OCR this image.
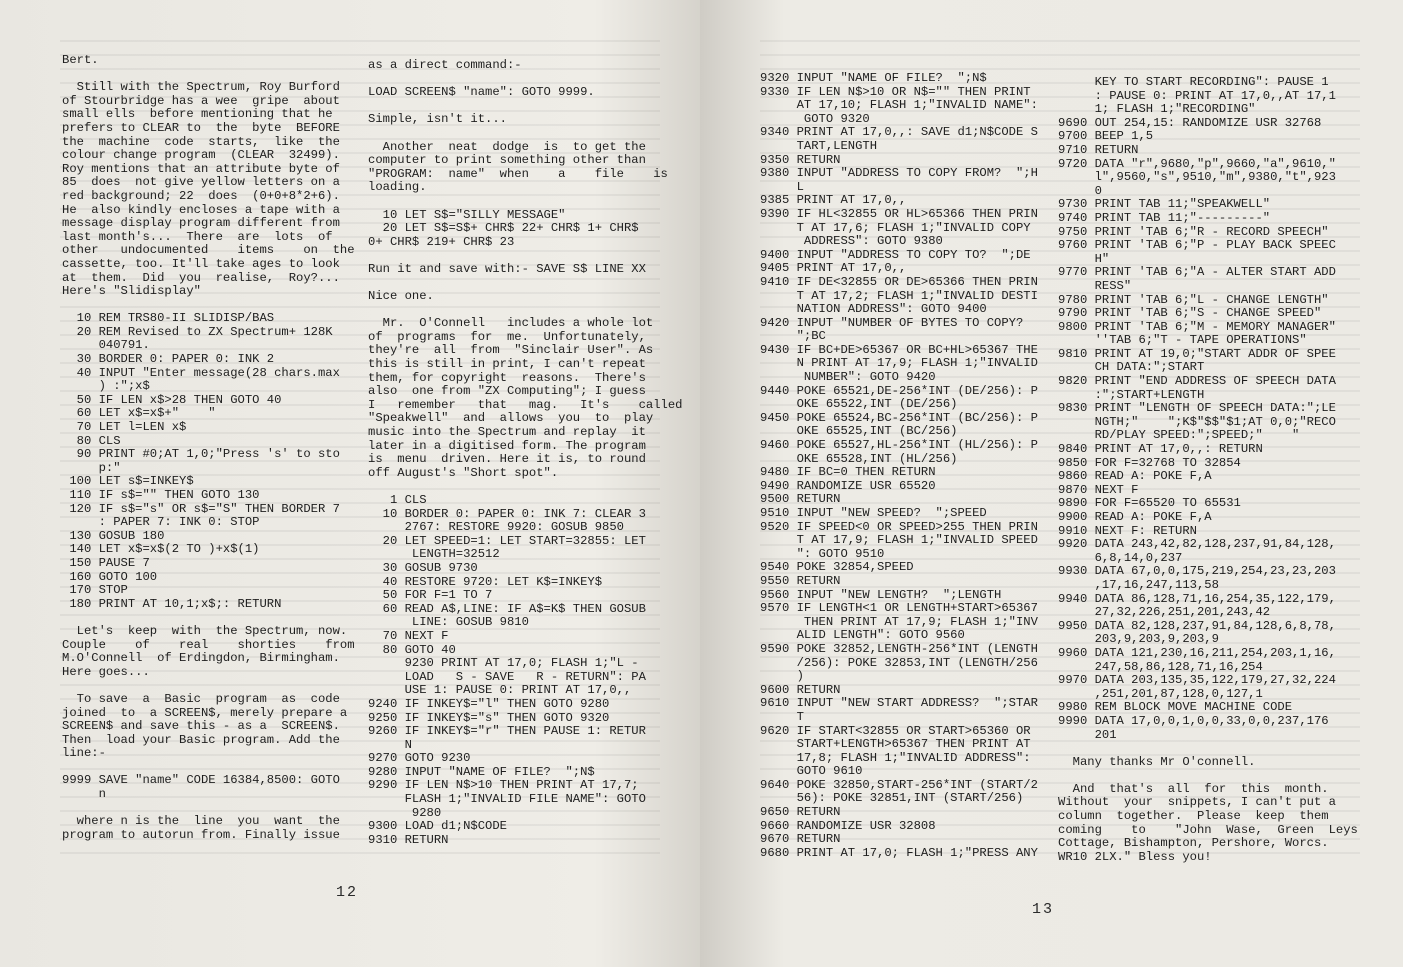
Bert.

Still with the Spectrum, Roy Burford
of Stourbridge has a wee  gripe  about
small ells  before mentioning that he
prefers to CLEAR to  the  byte  BEFORE
the  machine  code  starts,  like  the
colour change program  (CLEAR  32499).
Roy mentions that an attribute byte of
85  does  not give yellow letters on a
red background; 22  does  (0+0+8*2+6).
He  also kindly encloses a tape with a
message display program different from
last month's...  There  are  lots  of
other   undocumented    items    on  the
cassette, too. It'll take ages to look
at  them.  Did  you  realise,  Roy?...
Here's "Slidisplay"

10 REM TRS80-II SLIDISP/BAS
20 REM Revised to ZX Spectrum+ 128K
040791.
30 BORDER 0: PAPER 0: INK 2
40 INPUT "Enter message(28 chars.max
) :";x$
50 IF LEN x$>28 THEN GOTO 40
60 LET x$=x$+"    "
70 LET l=LEN x$
80 CLS
90 PRINT #0;AT 1,0;"Press 's' to sto
p:"
100 LET s$=INKEY$
110 IF s$="" THEN GOTO 130
120 IF s$="s" OR s$="S" THEN BORDER 7
: PAPER 7: INK 0: STOP
130 GOSUB 180
140 LET x$=x$(2 TO )+x$(1)
150 PAUSE 7
160 GOTO 100
170 STOP
180 PRINT AT 10,1;x$;: RETURN

Let's  keep  with  the Spectrum, now.
Couple    of    real    shorties    from
M.O'Connell  of Erdingdon, Birmingham.
Here goes...

To save  a  Basic  program  as  code
joined  to  a SCREEN$, merely prepare a
SCREEN$ and save this - as a  SCREEN$.
Then  load your Basic program. Add the
line:-

9999 SAVE "name" CODE 16384,8500: GOTO
n

where n is the  line  you  want  the
program to autorun from. Finally issue
as a direct command:-

LOAD SCREEN$ "name": GOTO 9999.

Simple, isn't it...

Another  neat  dodge  is  to get the
computer to print something other than
"PROGRAM:  name"  when    a    file    is
loading.

10 LET S$="SILLY MESSAGE"
20 LET S$=S$+ CHR$ 22+ CHR$ 1+ CHR$
0+ CHR$ 219+ CHR$ 23

Run it and save with:- SAVE S$ LINE XX

Nice one.

Mr.  O'Connell   includes a whole lot
of  programs  for  me.  Unfortunately,
they're  all  from  "Sinclair User". As
this is still in print, I can't repeat
them, for copyright  reasons.  There's
also  one from "ZX Computing"; I guess
I   remember   that   mag.   It's    called
"Speakwell"  and  allows  you  to  play
music into the Spectrum and replay  it
later in a digitised form. The program
is  menu  driven. Here it is, to round
off August's "Short spot".

1 CLS
10 BORDER 0: PAPER 0: INK 7: CLEAR 3
2767: RESTORE 9920: GOSUB 9850
20 LET SPEED=1: LET START=32855: LET
LENGTH=32512
30 GOSUB 9730
40 RESTORE 9720: LET K$=INKEY$
50 FOR F=1 TO 7
60 READ A$,LINE: IF A$=K$ THEN GOSUB
LINE: GOSUB 9810
70 NEXT F
80 GOTO 40
9230 PRINT AT 17,0; FLASH 1;"L -
LOAD   S - SAVE   R - RETURN": PA
USE 1: PAUSE 0: PRINT AT 17,0,,
9240 IF INKEY$="l" THEN GOTO 9280
9250 IF INKEY$="s" THEN GOTO 9320
9260 IF INKEY$="r" THEN PAUSE 1: RETUR
N
9270 GOTO 9230
9280 INPUT "NAME OF FILE?  ";N$
9290 IF LEN N$>10 THEN PRINT AT 17,7;
FLASH 1;"INVALID FILE NAME": GOTO
9280
9300 LOAD d1;N$CODE
9310 RETURN
12
9320 INPUT "NAME OF FILE?  ";N$
9330 IF LEN N$>10 OR N$="" THEN PRINT
AT 17,10; FLASH 1;"INVALID NAME":
GOTO 9320
9340 PRINT AT 17,0,,: SAVE d1;N$CODE S
TART,LENGTH
9350 RETURN
9380 INPUT "ADDRESS TO COPY FROM?  ";H
L
9385 PRINT AT 17,0,,
9390 IF HL<32855 OR HL>65366 THEN PRIN
T AT 17,6; FLASH 1;"INVALID COPY
ADDRESS": GOTO 9380
9400 INPUT "ADDRESS TO COPY TO?  ";DE
9405 PRINT AT 17,0,,
9410 IF DE<32855 OR DE>65366 THEN PRIN
T AT 17,2; FLASH 1;"INVALID DESTI
NATION ADDRESS": GOTO 9400
9420 INPUT "NUMBER OF BYTES TO COPY?
";BC
9430 IF BC+DE>65367 OR BC+HL>65367 THE
N PRINT AT 17,9; FLASH 1;"INVALID
NUMBER": GOTO 9420
9440 POKE 65521,DE-256*INT (DE/256): P
OKE 65522,INT (DE/256)
9450 POKE 65524,BC-256*INT (BC/256): P
OKE 65525,INT (BC/256)
9460 POKE 65527,HL-256*INT (HL/256): P
OKE 65528,INT (HL/256)
9480 IF BC=0 THEN RETURN
9490 RANDOMIZE USR 65520
9500 RETURN
9510 INPUT "NEW SPEED?  ";SPEED
9520 IF SPEED<0 OR SPEED>255 THEN PRIN
T AT 17,9; FLASH 1;"INVALID SPEED
": GOTO 9510
9540 POKE 32854,SPEED
9550 RETURN
9560 INPUT "NEW LENGTH?  ";LENGTH
9570 IF LENGTH<1 OR LENGTH+START>65367
THEN PRINT AT 17,9; FLASH 1;"INV
ALID LENGTH": GOTO 9560
9590 POKE 32852,LENGTH-256*INT (LENGTH
/256): POKE 32853,INT (LENGTH/256
)
9600 RETURN
9610 INPUT "NEW START ADDRESS?  ";STAR
T
9620 IF START<32855 OR START>65360 OR
START+LENGTH>65367 THEN PRINT AT
17,8; FLASH 1;"INVALID ADDRESS":
GOTO 9610
9640 POKE 32850,START-256*INT (START/2
56): POKE 32851,INT (START/256)
9650 RETURN
9660 RANDOMIZE USR 32808
9670 RETURN
9680 PRINT AT 17,0; FLASH 1;"PRESS ANY
KEY TO START RECORDING": PAUSE 1
: PAUSE 0: PRINT AT 17,0,,AT 17,1
1; FLASH 1;"RECORDING"
9690 OUT 254,15: RANDOMIZE USR 32768
9700 BEEP 1,5
9710 RETURN
9720 DATA "r",9680,"p",9660,"a",9610,"
l",9560,"s",9510,"m",9380,"t",923
0
9730 PRINT TAB 11;"SPEAKWELL"
9740 PRINT TAB 11;"---------"
9750 PRINT 'TAB 6;"R - RECORD SPEECH"
9760 PRINT 'TAB 6;"P - PLAY BACK SPEEC
H"
9770 PRINT 'TAB 6;"A - ALTER START ADD
RESS"
9780 PRINT 'TAB 6;"L - CHANGE LENGTH"
9790 PRINT 'TAB 6;"S - CHANGE SPEED"
9800 PRINT 'TAB 6;"M - MEMORY MANAGER"
''TAB 6;"T - TAPE OPERATIONS"
9810 PRINT AT 19,0;"START ADDR OF SPEE
CH DATA:";START
9820 PRINT "END ADDRESS OF SPEECH DATA
:";START+LENGTH
9830 PRINT "LENGTH OF SPEECH DATA:";LE
NGTH;"    ";K$"$$"$1;AT 0,0;"RECO
RD/PLAY SPEED:";SPEED;"    "
9840 PRINT AT 17,0,,: RETURN
9850 FOR F=32768 TO 32854
9860 READ A: POKE F,A
9870 NEXT F
9890 FOR F=65520 TO 65531
9900 READ A: POKE F,A
9910 NEXT F: RETURN
9920 DATA 243,42,82,128,237,91,84,128,
6,8,14,0,237
9930 DATA 67,0,0,175,219,254,23,23,203
,17,16,247,113,58
9940 DATA 86,128,71,16,254,35,122,179,
27,32,226,251,201,243,42
9950 DATA 82,128,237,91,84,128,6,8,78,
203,9,203,9,203,9
9960 DATA 121,230,16,211,254,203,1,16,
247,58,86,128,71,16,254
9970 DATA 203,135,35,122,179,27,32,224
,251,201,87,128,0,127,1
9980 REM BLOCK MOVE MACHINE CODE
9990 DATA 17,0,0,1,0,0,33,0,0,237,176
201

Many thanks Mr O'connell.

And  that's  all  for  this  month.
Without  your  snippets, I can't put a
column  together.  Please  keep  them
coming    to    "John  Wase,  Green  Leys
Cottage, Bishampton, Pershore, Worcs.
WR10 2LX." Bless you!
13
